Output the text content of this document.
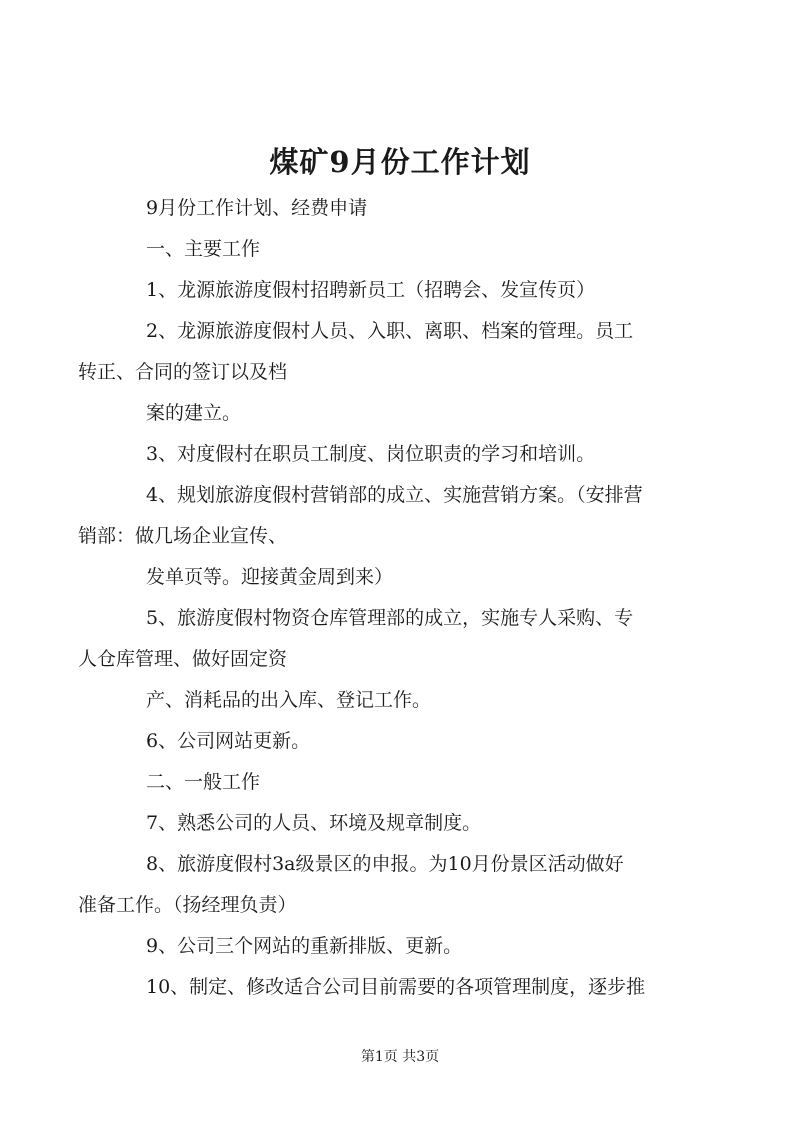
煤矿9月份工作计划

9月份工作计划、经费申请

一、主要工作

1、龙源旅游度假村招聘新员工（招聘会、发宣传页）

2、龙源旅游度假村人员、入职、离职、档案的管理。员工

转正、合同的签订以及档

案的建立。

3、对度假村在职员工制度、岗位职责的学习和培训。

4、规划旅游度假村营销部的成立、实施营销方案。（安排营

销部：做几场企业宣传、

发单页等。迎接黄金周到来）

5、旅游度假村物资仓库管理部的成立，实施专人采购、专

人仓库管理、做好固定资

产、消耗品的出入库、登记工作。

6、公司网站更新。

二、一般工作

7、熟悉公司的人员、环境及规章制度。

8、旅游度假村3a级景区的申报。为10月份景区活动做好

准备工作。（扬经理负责）

9、公司三个网站的重新排版、更新。

10、制定、修改适合公司目前需要的各项管理制度，逐步推

第1页 共3页
